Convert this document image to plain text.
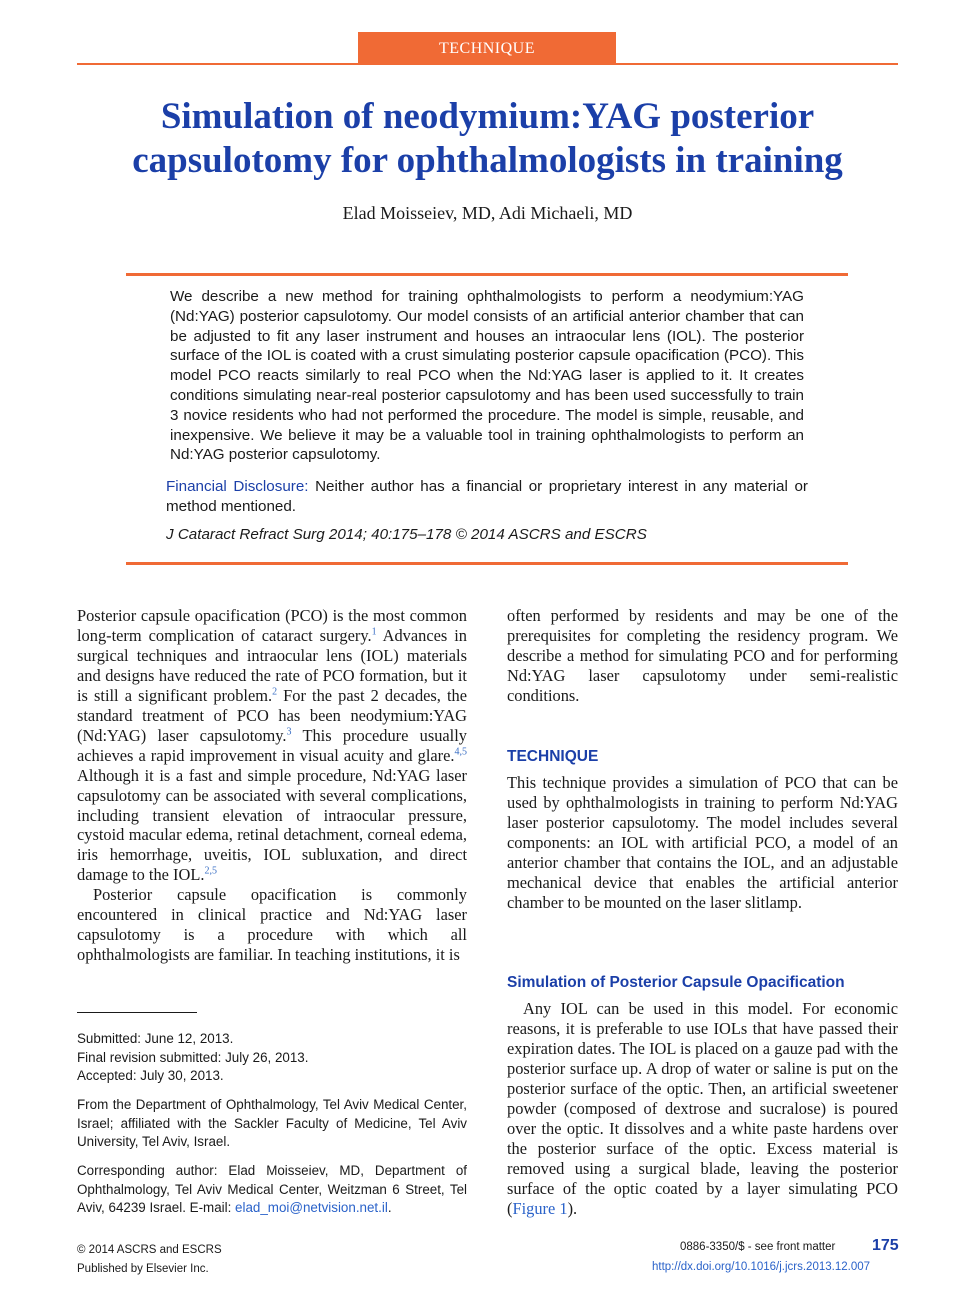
TECHNIQUE
Simulation of neodymium:YAG posterior capsulotomy for ophthalmologists in training
Elad Moisseiev, MD, Adi Michaeli, MD
We describe a new method for training ophthalmologists to perform a neodymium:YAG (Nd:YAG) posterior capsulotomy. Our model consists of an artificial anterior chamber that can be adjusted to fit any laser instrument and houses an intraocular lens (IOL). The posterior surface of the IOL is coated with a crust simulating posterior capsule opacification (PCO). This model PCO reacts similarly to real PCO when the Nd:YAG laser is applied to it. It creates conditions simulating near-real posterior capsulotomy and has been used successfully to train 3 novice residents who had not performed the procedure. The model is simple, reusable, and inexpensive. We believe it may be a valuable tool in training ophthalmologists to perform an Nd:YAG posterior capsulotomy.
Financial Disclosure: Neither author has a financial or proprietary interest in any material or method mentioned.
J Cataract Refract Surg 2014; 40:175–178 © 2014 ASCRS and ESCRS

Posterior capsule opacification (PCO) is the most common long-term complication of cataract surgery.$^1$ Advances in surgical techniques and intraocular lens (IOL) materials and designs have reduced the rate of PCO formation, but it is still a significant problem.$^2$ For the past 2 decades, the standard treatment of PCO has been neodymium:YAG (Nd:YAG) laser capsulotomy.$^3$ This procedure usually achieves a rapid improvement in visual acuity and glare.$^{4,5}$ Although it is a fast and simple procedure, Nd:YAG laser capsulotomy can be associated with several complications, including transient elevation of intraocular pressure, cystoid macular edema, retinal detachment, corneal edema, iris hemorrhage, uveitis, IOL subluxation, and direct damage to the IOL.$^{2,5}$

Posterior capsule opacification is commonly encountered in clinical practice and Nd:YAG laser capsulotomy is a procedure with which all ophthalmologists are familiar. In teaching institutions, it is

often performed by residents and may be one of the prerequisites for completing the residency program. We describe a method for simulating PCO and for performing Nd:YAG laser capsulotomy under semi-realistic conditions.

TECHNIQUE

This technique provides a simulation of PCO that can be used by ophthalmologists in training to perform Nd:YAG laser posterior capsulotomy. The model includes several components: an IOL with artificial PCO, a model of an anterior chamber that contains the IOL, and an adjustable mechanical device that enables the artificial anterior chamber to be mounted on the laser slitlamp.

Simulation of Posterior Capsule Opacification

Any IOL can be used in this model. For economic reasons, it is preferable to use IOLs that have passed their expiration dates. The IOL is placed on a gauze pad with the posterior surface up. A drop of water or saline is put on the posterior surface of the optic. Then, an artificial sweetener powder (composed of dextrose and sucralose) is poured over the optic. It dissolves and a white paste hardens over the posterior surface of the optic. Excess material is removed using a surgical blade, leaving the posterior surface of the optic coated by a layer simulating PCO (Figure 1).

Submitted: June 12, 2013.
Final revision submitted: July 26, 2013.
Accepted: July 30, 2013.
From the Department of Ophthalmology, Tel Aviv Medical Center, Israel; affiliated with the Sackler Faculty of Medicine, Tel Aviv University, Tel Aviv, Israel.
Corresponding author: Elad Moisseiev, MD, Department of Ophthalmology, Tel Aviv Medical Center, Weitzman 6 Street, Tel Aviv, 64239 Israel. E-mail: elad_moi@netvision.net.il.
© 2014 ASCRS and ESCRS
Published by Elsevier Inc.
0886-3350/$ - see front matter 175
http://dx.doi.org/10.1016/j.jcrs.2013.12.007
